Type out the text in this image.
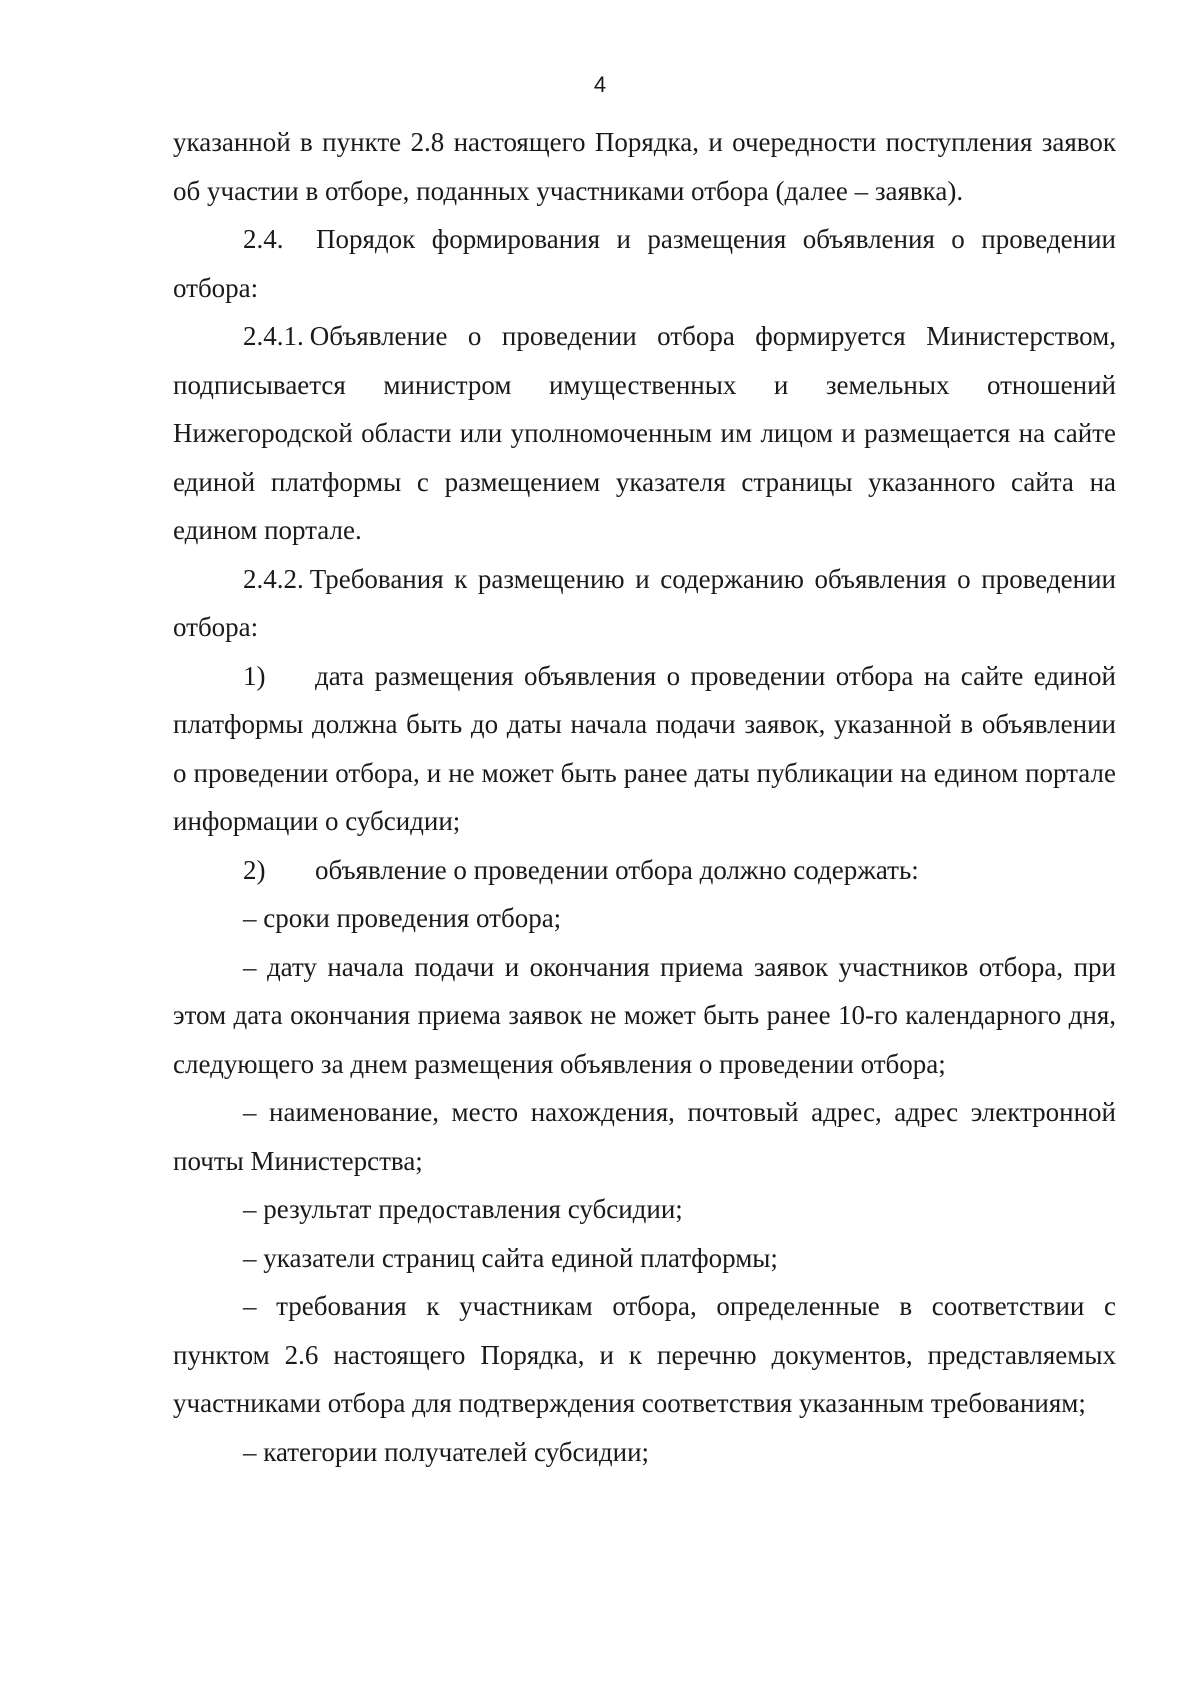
4

указанной в пункте 2.8 настоящего Порядка, и очередности поступления заявок об участии в отборе, поданных участниками отбора (далее – заявка).

2.4. Порядок формирования и размещения объявления о проведении отбора:

2.4.1. Объявление о проведении отбора формируется Министерством, подписывается министром имущественных и земельных отношений Нижегородской области или уполномоченным им лицом и размещается на сайте единой платформы с размещением указателя страницы указанного сайта на едином портале.

2.4.2. Требования к размещению и содержанию объявления о проведении отбора:

1) дата размещения объявления о проведении отбора на сайте единой платформы должна быть до даты начала подачи заявок, указанной в объявлении о проведении отбора, и не может быть ранее даты публикации на едином портале информации о субсидии;

2) объявление о проведении отбора должно содержать:

– сроки проведения отбора;

– дату начала подачи и окончания приема заявок участников отбора, при этом дата окончания приема заявок не может быть ранее 10-го календарного дня, следующего за днем размещения объявления о проведении отбора;

– наименование, место нахождения, почтовый адрес, адрес электронной почты Министерства;

– результат предоставления субсидии;

– указатели страниц сайта единой платформы;

– требования к участникам отбора, определенные в соответствии с пунктом 2.6 настоящего Порядка, и к перечню документов, представляемых участниками отбора для подтверждения соответствия указанным требованиям;

– категории получателей субсидии;
